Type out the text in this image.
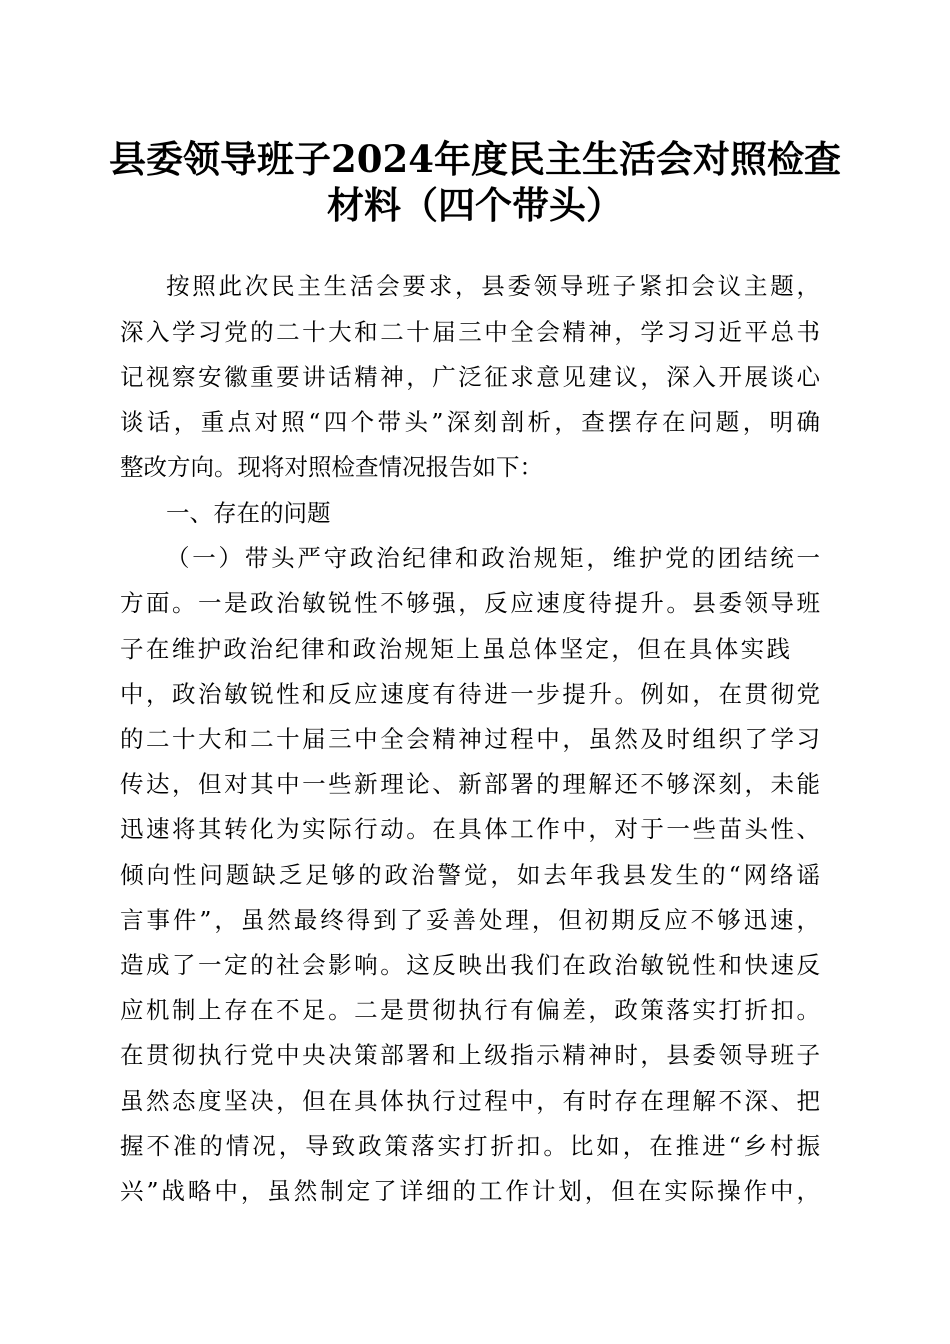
县委领导班子2024年度民主生活会对照检查
材料（四个带头）
按照此次民主生活会要求，县委领导班子紧扣会议主题，
深入学习党的二十大和二十届三中全会精神，学习习近平总书
记视察安徽重要讲话精神，广泛征求意见建议，深入开展谈心
谈话，重点对照“四个带头”深刻剖析，查摆存在问题，明确
整改方向。现将对照检查情况报告如下：
一、存在的问题
（一）带头严守政治纪律和政治规矩，维护党的团结统一
方面。一是政治敏锐性不够强，反应速度待提升。县委领导班
子在维护政治纪律和政治规矩上虽总体坚定，但在具体实践
中，政治敏锐性和反应速度有待进一步提升。例如，在贯彻党
的二十大和二十届三中全会精神过程中，虽然及时组织了学习
传达，但对其中一些新理论、新部署的理解还不够深刻，未能
迅速将其转化为实际行动。在具体工作中，对于一些苗头性、
倾向性问题缺乏足够的政治警觉，如去年我县发生的“网络谣
言事件”，虽然最终得到了妥善处理，但初期反应不够迅速，
造成了一定的社会影响。这反映出我们在政治敏锐性和快速反
应机制上存在不足。二是贯彻执行有偏差，政策落实打折扣。
在贯彻执行党中央决策部署和上级指示精神时，县委领导班子
虽然态度坚决，但在具体执行过程中，有时存在理解不深、把
握不准的情况，导致政策落实打折扣。比如，在推进“乡村振
兴”战略中，虽然制定了详细的工作计划，但在实际操作中，
